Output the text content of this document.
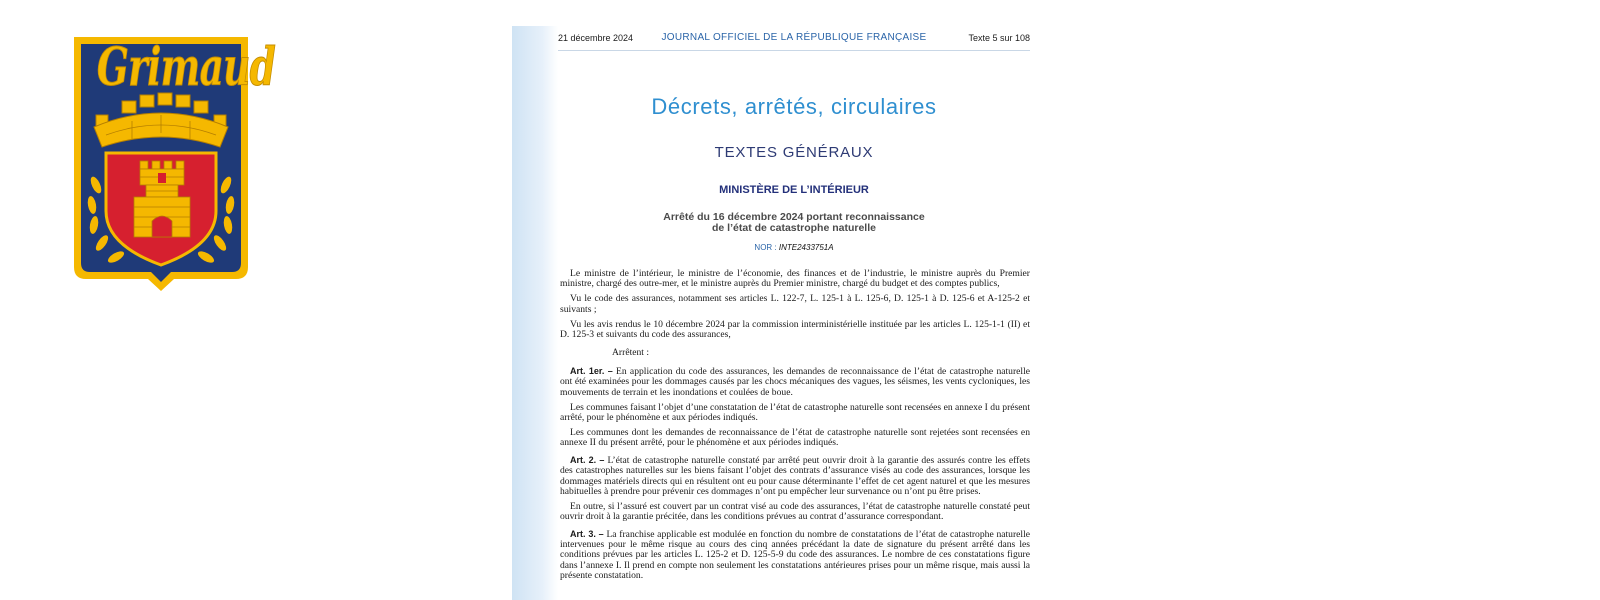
Grimaud	21 décembre 2024	JOURNAL OFFICIEL DE LA RÉPUBLIQUE FRANÇAISE	Texte 5 sur 108
Décrets, arrêtés, circulaires
TEXTES GÉNÉRAUX
MINISTÈRE DE L’INTÉRIEUR
Arrêté du 16 décembre 2024 portant reconnaissance
de l’état de catastrophe naturelle
NOR : INTE2433751A

Le ministre de l’intérieur, le ministre de l’économie, des finances et de l’industrie, le ministre auprès du Premier ministre, chargé des outre-mer, et le ministre auprès du Premier ministre, chargé du budget et des comptes publics,

Vu le code des assurances, notamment ses articles L. 122-7, L. 125-1 à L. 125-6, D. 125-1 à D. 125-6 et A-125-2 et suivants ;

Vu les avis rendus le 10 décembre 2024 par la commission interministérielle instituée par les articles L. 125-1-1 (II) et D. 125-3 et suivants du code des assurances,

Arrêtent :

Art. 1er. – En application du code des assurances, les demandes de reconnaissance de l’état de catastrophe naturelle ont été examinées pour les dommages causés par les chocs mécaniques des vagues, les séismes, les vents cycloniques, les mouvements de terrain et les inondations et coulées de boue.

Les communes faisant l’objet d’une constatation de l’état de catastrophe naturelle sont recensées en annexe I du présent arrêté, pour le phénomène et aux périodes indiqués.

Les communes dont les demandes de reconnaissance de l’état de catastrophe naturelle sont rejetées sont recensées en annexe II du présent arrêté, pour le phénomène et aux périodes indiqués.

Art. 2. – L’état de catastrophe naturelle constaté par arrêté peut ouvrir droit à la garantie des assurés contre les effets des catastrophes naturelles sur les biens faisant l’objet des contrats d’assurance visés au code des assurances, lorsque les dommages matériels directs qui en résultent ont eu pour cause déterminante l’effet de cet agent naturel et que les mesures habituelles à prendre pour prévenir ces dommages n’ont pu empêcher leur survenance ou n’ont pu être prises.

En outre, si l’assuré est couvert par un contrat visé au code des assurances, l’état de catastrophe naturelle constaté peut ouvrir droit à la garantie précitée, dans les conditions prévues au contrat d’assurance correspondant.

Art. 3. – La franchise applicable est modulée en fonction du nombre de constatations de l’état de catastrophe naturelle intervenues pour le même risque au cours des cinq années précédant la date de signature du présent arrêté dans les conditions prévues par les articles L. 125-2 et D. 125-5-9 du code des assurances. Le nombre de ces constatations figure dans l’annexe I. Il prend en compte non seulement les constatations antérieures prises pour un même risque, mais aussi la présente constatation.
